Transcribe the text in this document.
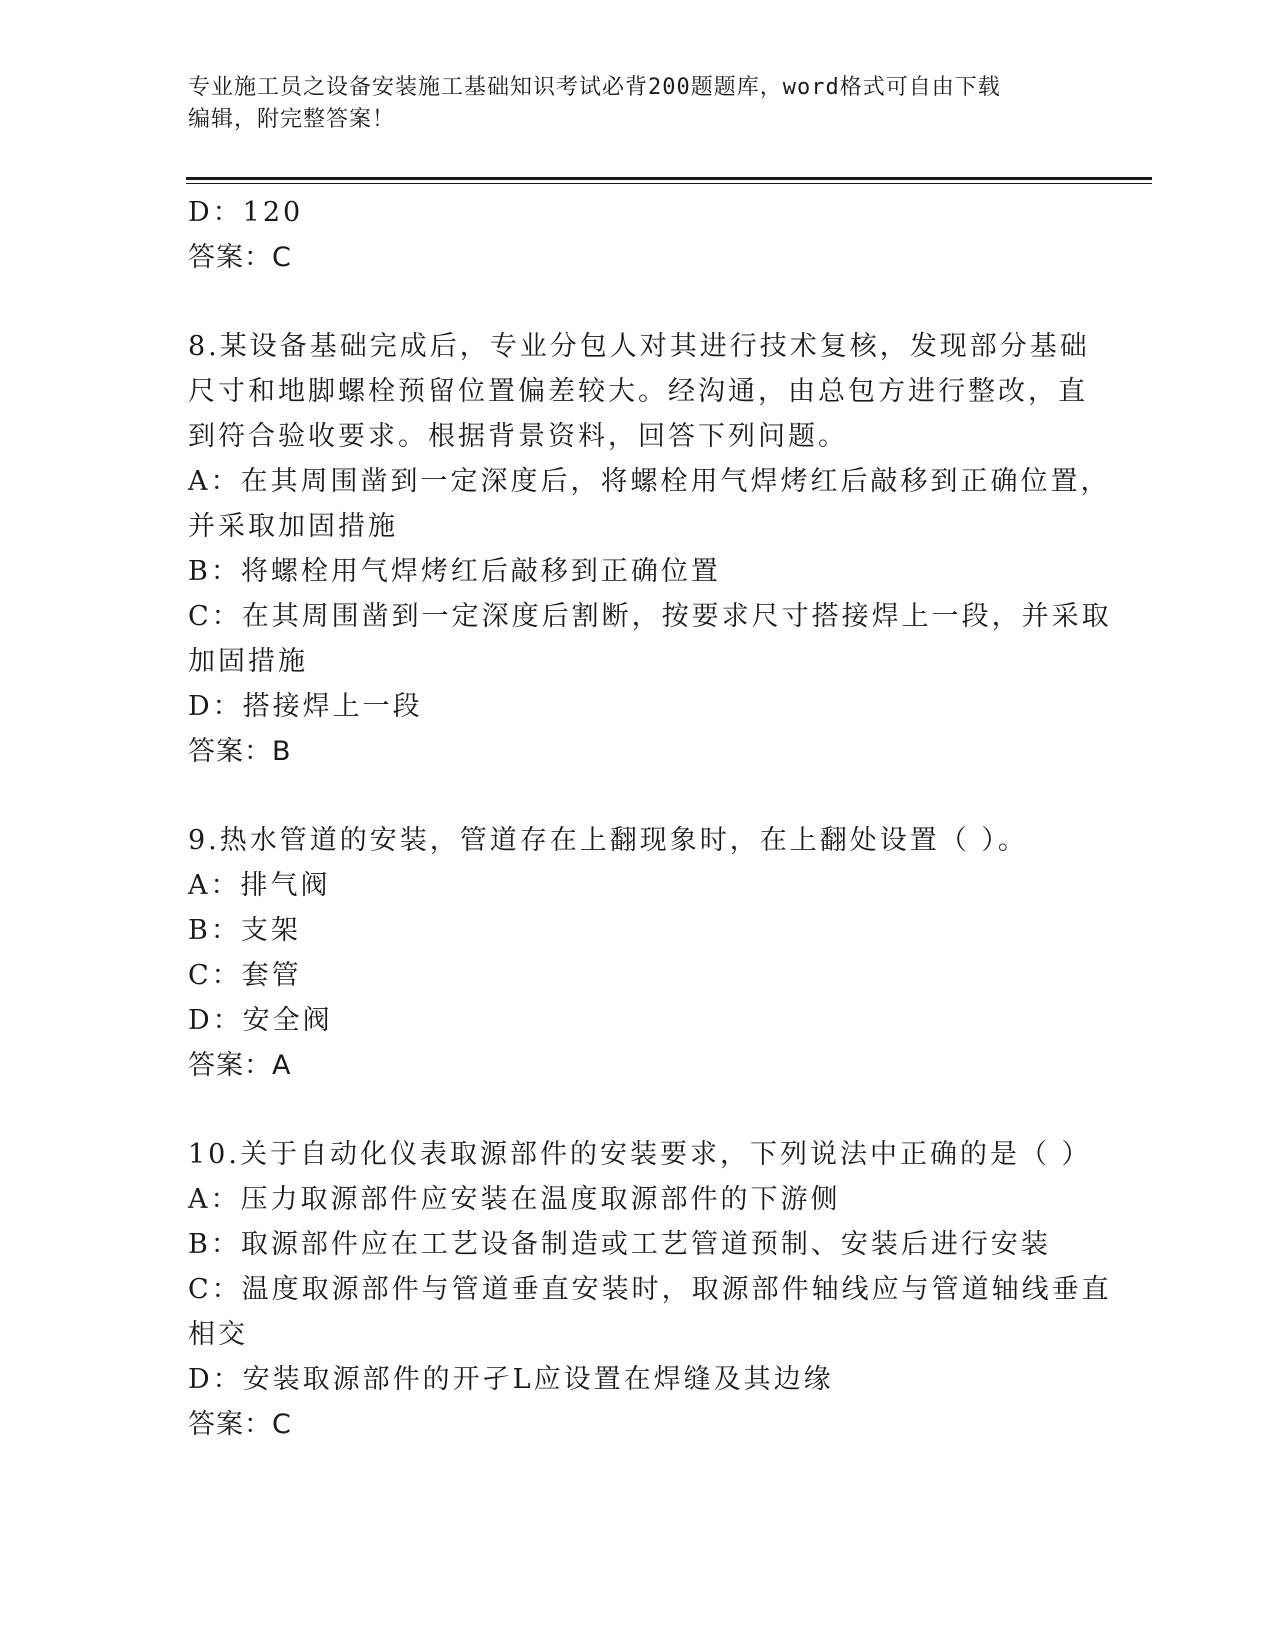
专业施工员之设备安装施工基础知识考试必背200题题库，word格式可自由下载
编辑，附完整答案！
D：120
答案：C
8.某设备基础完成后，专业分包人对其进行技术复核，发现部分基础
尺寸和地脚螺栓预留位置偏差较大。经沟通，由总包方进行整改，直
到符合验收要求。根据背景资料，回答下列问题。
A：在其周围凿到一定深度后，将螺栓用气焊烤红后敲移到正确位置，
并采取加固措施
B：将螺栓用气焊烤红后敲移到正确位置
C：在其周围凿到一定深度后割断，按要求尺寸搭接焊上一段，并采取
加固措施
D：搭接焊上一段
答案：B
9.热水管道的安装，管道存在上翻现象时，在上翻处设置（ ）。
A：排气阀
B：支架
C：套管
D：安全阀
答案：A
10.关于自动化仪表取源部件的安装要求，下列说法中正确的是（ ）
A：压力取源部件应安装在温度取源部件的下游侧
B：取源部件应在工艺设备制造或工艺管道预制、安装后进行安装
C：温度取源部件与管道垂直安装时，取源部件轴线应与管道轴线垂直
相交
D：安装取源部件的开孑L应设置在焊缝及其边缘
答案：C
